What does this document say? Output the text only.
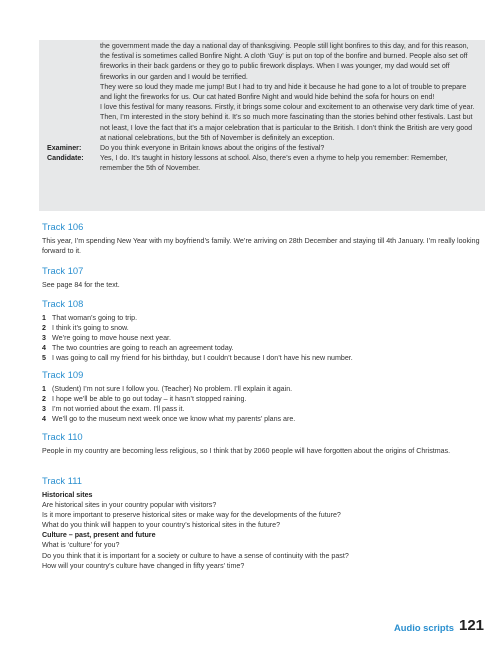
the government made the day a national day of thanksgiving. People still light bonfires to this day, and for this reason, the festival is sometimes called Bonfire Night. A cloth ‘Guy’ is put on top of the bonfire and burned. People also set off fireworks in their back gardens or they go to public firework displays. When I was younger, my dad would set off fireworks in our garden and I would be terrified.
They were so loud they made me jump! But I had to try and hide it because he had gone to a lot of trouble to prepare and light the fireworks for us. Our cat hated Bonfire Night and would hide behind the sofa for hours on end!
I love this festival for many reasons. Firstly, it brings some colour and excitement to an otherwise very dark time of year. Then, I’m interested in the story behind it. It’s so much more fascinating than the stories behind other festivals. Last but not least, I love the fact that it’s a major celebration that is particular to the British. I don’t think the British are very good at national celebrations, but the 5th of November is definitely an exception.
Examiner:	Do you think everyone in Britain knows about the origins of the festival?
Candidate:	Yes, I do. It’s taught in history lessons at school. Also, there’s even a rhyme to help you remember: Remember, remember the 5th of November.
Track 106
This year, I’m spending New Year with my boyfriend’s family. We’re arriving on 28th December and staying till 4th January. I’m really looking forward to it.
Track 107
See page 84 for the text.
Track 108
1 That woman’s going to trip.
2 I think it’s going to snow.
3 We’re going to move house next year.
4 The two countries are going to reach an agreement today.
5 I was going to call my friend for his birthday, but I couldn’t because I don’t have his new number.
Track 109
1 (Student) I’m not sure I follow you. (Teacher) No problem. I’ll explain it again.
2 I hope we’ll be able to go out today – it hasn’t stopped raining.
3 I’m not worried about the exam. I’ll pass it.
4 We’ll go to the museum next week once we know what my parents’ plans are.
Track 110
People in my country are becoming less religious, so I think that by 2060 people will have forgotten about the origins of Christmas.
Track 111
Historical sites
Are historical sites in your country popular with visitors?
Is it more important to preserve historical sites or make way for the developments of the future?
What do you think will happen to your country’s historical sites in the future?
Culture – past, present and future
What is ‘culture’ for you?
Do you think that it is important for a society or culture to have a sense of continuity with the past?
How will your country’s culture have changed in fifty years’ time?
Audio scripts 121
